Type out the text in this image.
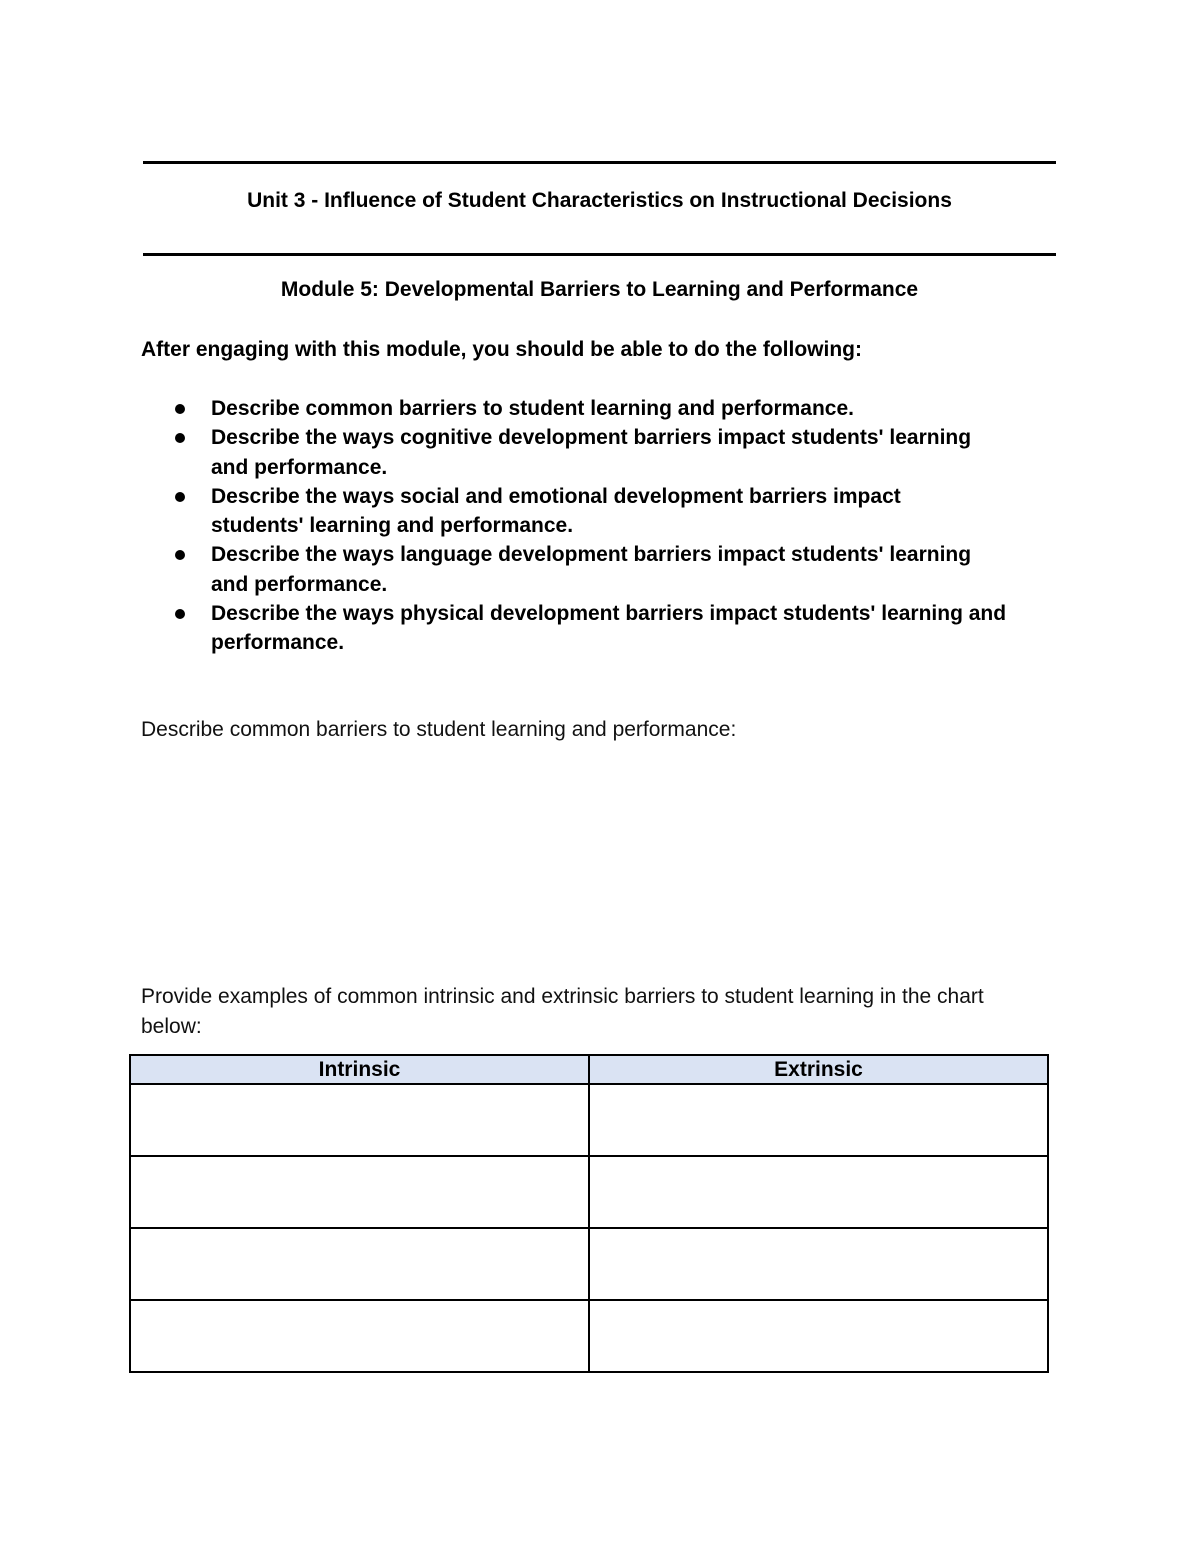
Unit 3 - Influence of Student Characteristics on Instructional Decisions
Module 5: Developmental Barriers to Learning and Performance
After engaging with this module, you should be able to do the following:
Describe common barriers to student learning and performance.
Describe the ways cognitive development barriers impact students' learning and performance.
Describe the ways social and emotional development barriers impact students' learning and performance.
Describe the ways language development barriers impact students' learning and performance.
Describe the ways physical development barriers impact students' learning and performance.
Describe common barriers to student learning and performance:
Provide examples of common intrinsic and extrinsic barriers to student learning in the chart below:
Intrinsic	Extrinsic
